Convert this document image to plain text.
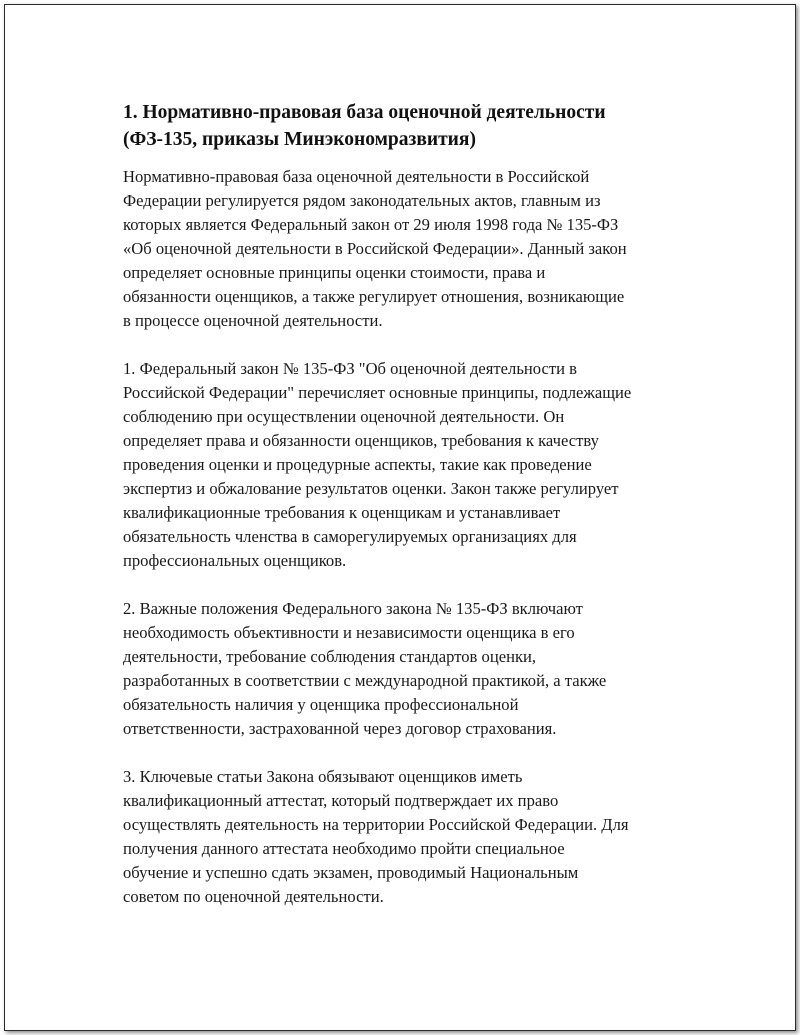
1. Нормативно-правовая база оценочной деятельности
(ФЗ-135, приказы Минэкономразвития)

Нормативно-правовая база оценочной деятельности в Российской
Федерации регулируется рядом законодательных актов, главным из
которых является Федеральный закон от 29 июля 1998 года № 135-ФЗ
«Об оценочной деятельности в Российской Федерации». Данный закон
определяет основные принципы оценки стоимости, права и
обязанности оценщиков, а также регулирует отношения, возникающие
в процессе оценочной деятельности.

1. Федеральный закон № 135-ФЗ "Об оценочной деятельности в
Российской Федерации" перечисляет основные принципы, подлежащие
соблюдению при осуществлении оценочной деятельности. Он
определяет права и обязанности оценщиков, требования к качеству
проведения оценки и процедурные аспекты, такие как проведение
экспертиз и обжалование результатов оценки. Закон также регулирует
квалификационные требования к оценщикам и устанавливает
обязательность членства в саморегулируемых организациях для
профессиональных оценщиков.

2. Важные положения Федерального закона № 135-ФЗ включают
необходимость объективности и независимости оценщика в его
деятельности, требование соблюдения стандартов оценки,
разработанных в соответствии с международной практикой, а также
обязательность наличия у оценщика профессиональной
ответственности, застрахованной через договор страхования.

3. Ключевые статьи Закона обязывают оценщиков иметь
квалификационный аттестат, который подтверждает их право
осуществлять деятельность на территории Российской Федерации. Для
получения данного аттестата необходимо пройти специальное
обучение и успешно сдать экзамен, проводимый Национальным
советом по оценочной деятельности.
